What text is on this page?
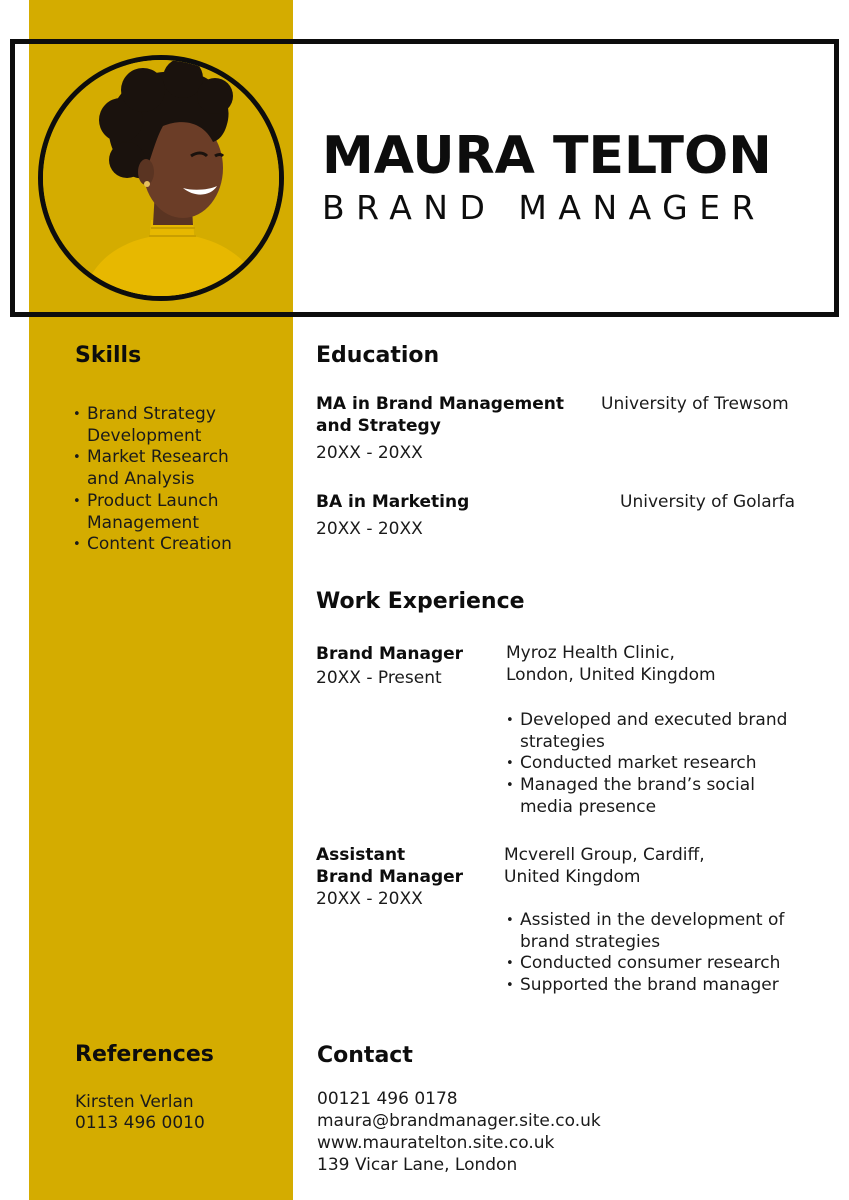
MAURA TELTON
BRAND MANAGER
Skills
• Brand Strategy
Development
• Market Research
and Analysis
• Product Launch
Management
• Content Creation
Education
MA in Brand Management
and Strategy
University of Trewsom
20XX - 20XX
BA in Marketing	University of Golarfa
20XX - 20XX
Work Experience
Brand Manager
20XX - Present
Myroz Health Clinic,
London, United Kingdom
• Developed and executed brand
strategies
• Conducted market research
• Managed the brand’s social
media presence
Assistant
Brand Manager
20XX - 20XX
Mcverell Group, Cardiff,
United Kingdom
• Assisted in the development of
brand strategies
• Conducted consumer research
• Supported the brand manager
References
Kirsten Verlan
0113 496 0010
Contact
00121 496 0178
maura@brandmanager.site.co.uk
www.mauratelton.site.co.uk
139 Vicar Lane, London
